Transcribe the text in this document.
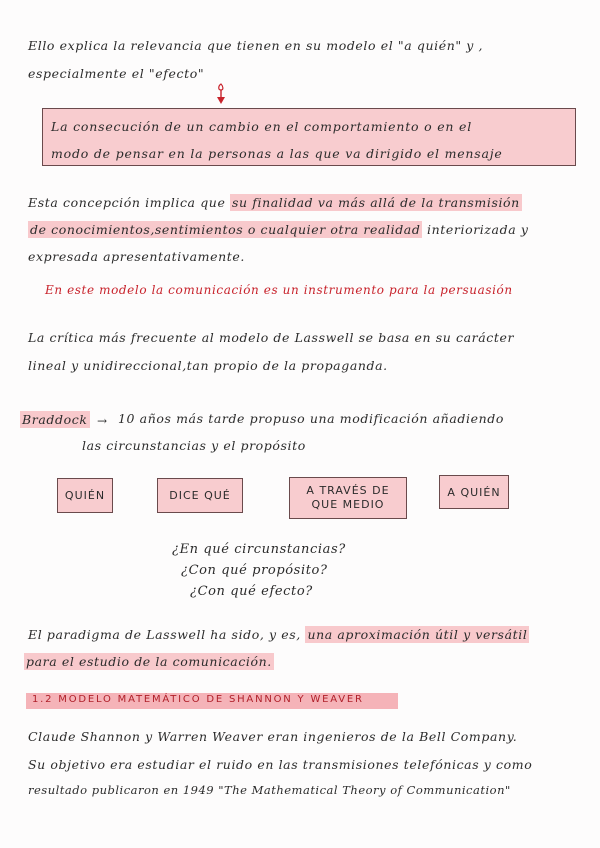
Ello explica la relevancia que tienen en su modelo el "a quién" y ,
especialmente el "efecto"
La consecución de un cambio en el comportamiento o en el
modo de pensar en la personas a las que va dirigido el mensaje
Esta concepción implica que su finalidad va más allá de la transmisión
de conocimientos,sentimientos o cualquier otra realidad interiorizada y
expresada apresentativamente.
En este modelo la comunicación es un instrumento para la persuasión
La crítica más frecuente al modelo de Lasswell se basa en su carácter
lineal y unidireccional,tan propio de la propaganda.
Braddock → 10 años más tarde propuso una modificación añadiendo
las circunstancias y el propósito
QUIÉN	DICE QUÉ	A TRAVÉS DE QUE MEDIO
A QUIÉN
¿En qué circunstancias?
¿Con qué propósito?
¿Con qué efecto?
El paradigma de Lasswell ha sido, y es, una aproximación útil y versátil
para el estudio de la comunicación.
1.2 MODELO MATEMÁTICO DE SHANNON Y WEAVER
Claude Shannon y Warren Weaver eran ingenieros de la Bell Company.
Su objetivo era estudiar el ruido en las transmisiones telefónicas y como
resultado publicaron en 1949 "The Mathematical Theory of Communication"
